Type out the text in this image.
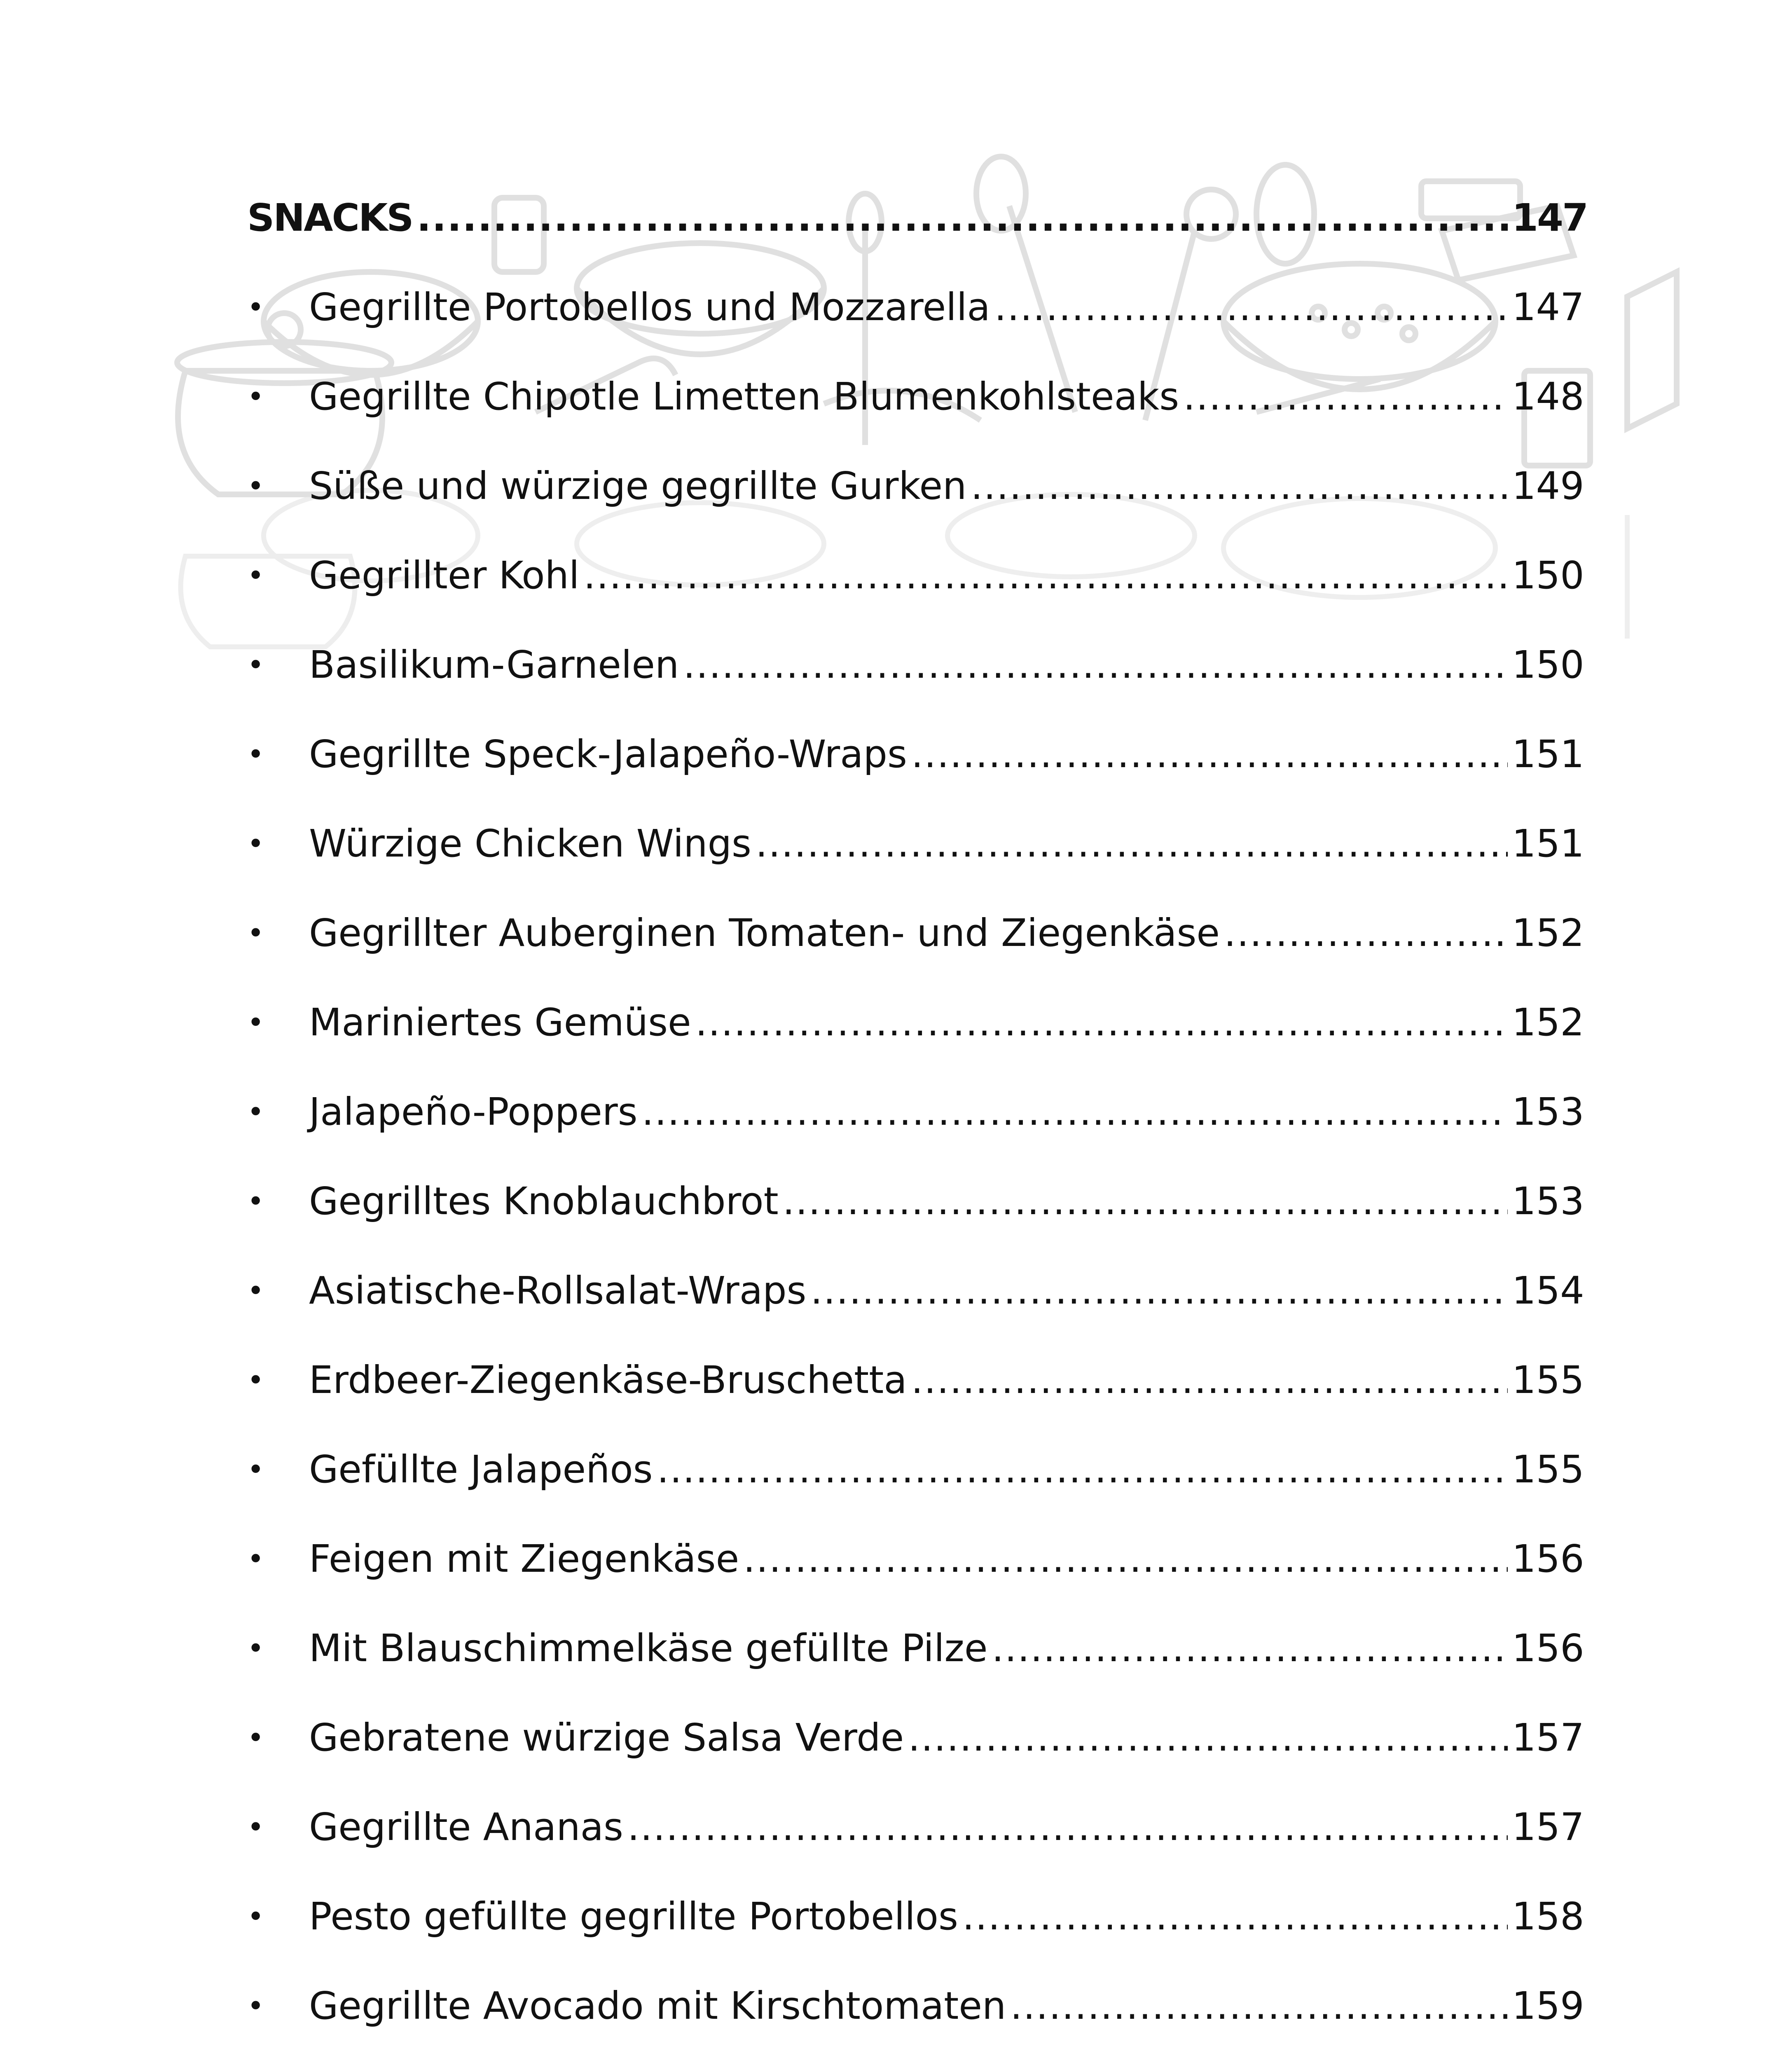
SNACKS .....	147
•	Gegrillte Portobellos und Mozzarella .....	147
•	Gegrillte Chipotle Limetten Blumenkohlsteaks .....	148
•	Süße und würzige gegrillte Gurken .....	149
•	Gegrillter Kohl .....	150
•	Basilikum-Garnelen .....	150
•	Gegrillte Speck-Jalapeño-Wraps .....	151
•	Würzige Chicken Wings .....	151
•	Gegrillter Auberginen Tomaten- und Ziegenkäse .....	152
•	Mariniertes Gemüse .....	152
•	Jalapeño-Poppers .....	153
•	Gegrilltes Knoblauchbrot .....	153
•	Asiatische-Rollsalat-Wraps .....	154
•	Erdbeer-Ziegenkäse-Bruschetta .....	155
•	Gefüllte Jalapeños .....	155
•	Feigen mit Ziegenkäse .....	156
•	Mit Blauschimmelkäse gefüllte Pilze .....	156
•	Gebratene würzige Salsa Verde .....	157
•	Gegrillte Ananas .....	157
•	Pesto gefüllte gegrillte Portobellos .....	158
•	Gegrillte Avocado mit Kirschtomaten .....	159
